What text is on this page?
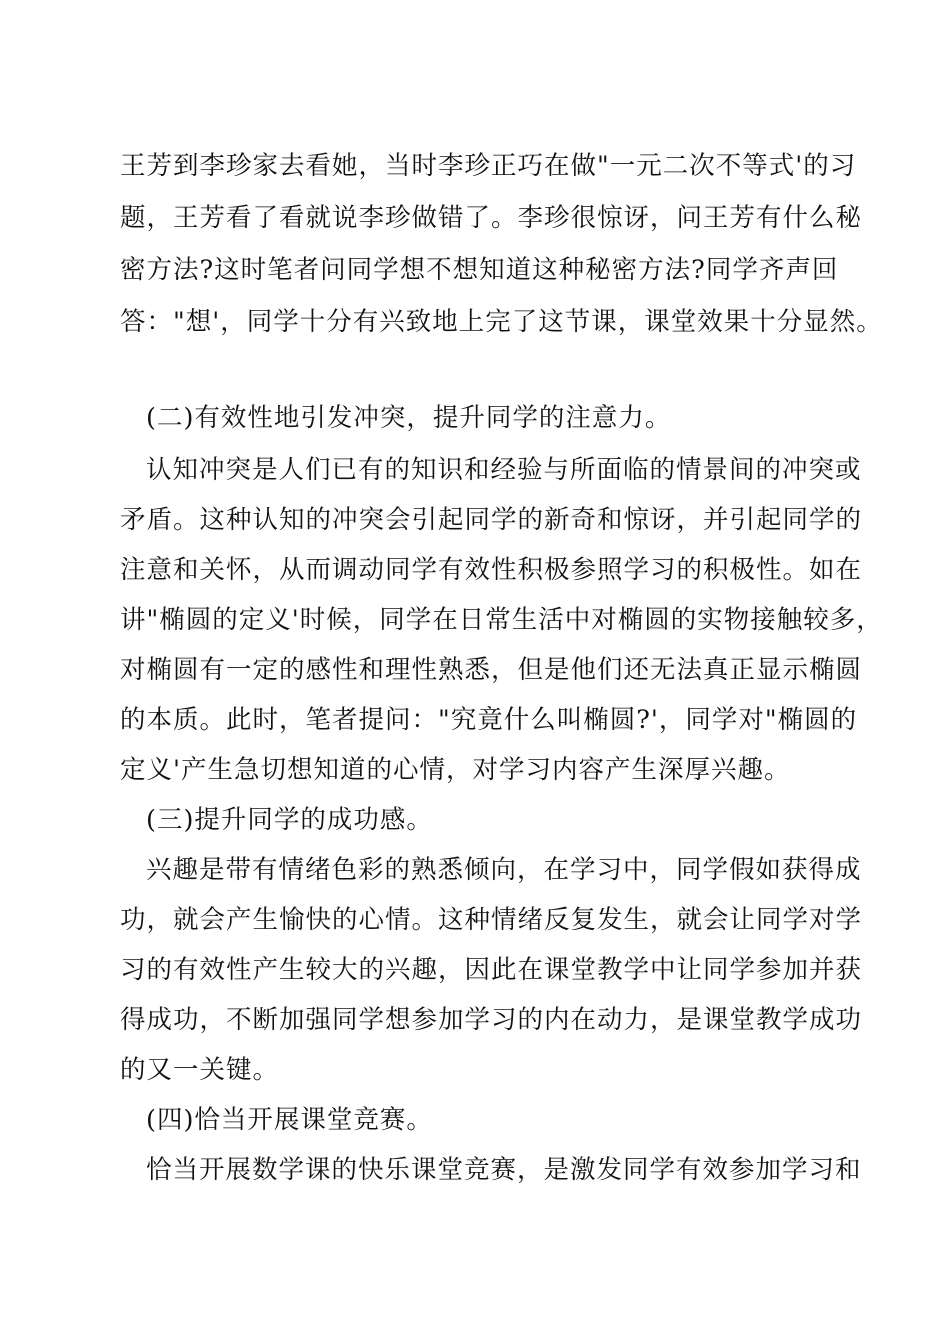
王芳到李珍家去看她，当时李珍正巧在做"一元二次不等式'的习
题，王芳看了看就说李珍做错了。李珍很惊讶，问王芳有什么秘
密方法?这时笔者问同学想不想知道这种秘密方法?同学齐声回
答："想'，同学十分有兴致地上完了这节课，课堂效果十分显然。
(二)有效性地引发冲突，提升同学的注意力。
认知冲突是人们已有的知识和经验与所面临的情景间的冲突或
矛盾。这种认知的冲突会引起同学的新奇和惊讶，并引起同学的
注意和关怀，从而调动同学有效性积极参照学习的积极性。如在
讲"椭圆的定义'时候，同学在日常生活中对椭圆的实物接触较多，
对椭圆有一定的感性和理性熟悉，但是他们还无法真正显示椭圆
的本质。此时，笔者提问："究竟什么叫椭圆?'，同学对"椭圆的
定义'产生急切想知道的心情，对学习内容产生深厚兴趣。
(三)提升同学的成功感。
兴趣是带有情绪色彩的熟悉倾向，在学习中，同学假如获得成
功，就会产生愉快的心情。这种情绪反复发生，就会让同学对学
习的有效性产生较大的兴趣，因此在课堂教学中让同学参加并获
得成功，不断加强同学想参加学习的内在动力，是课堂教学成功
的又一关键。
(四)恰当开展课堂竞赛。
恰当开展数学课的快乐课堂竞赛，是激发同学有效参加学习和
